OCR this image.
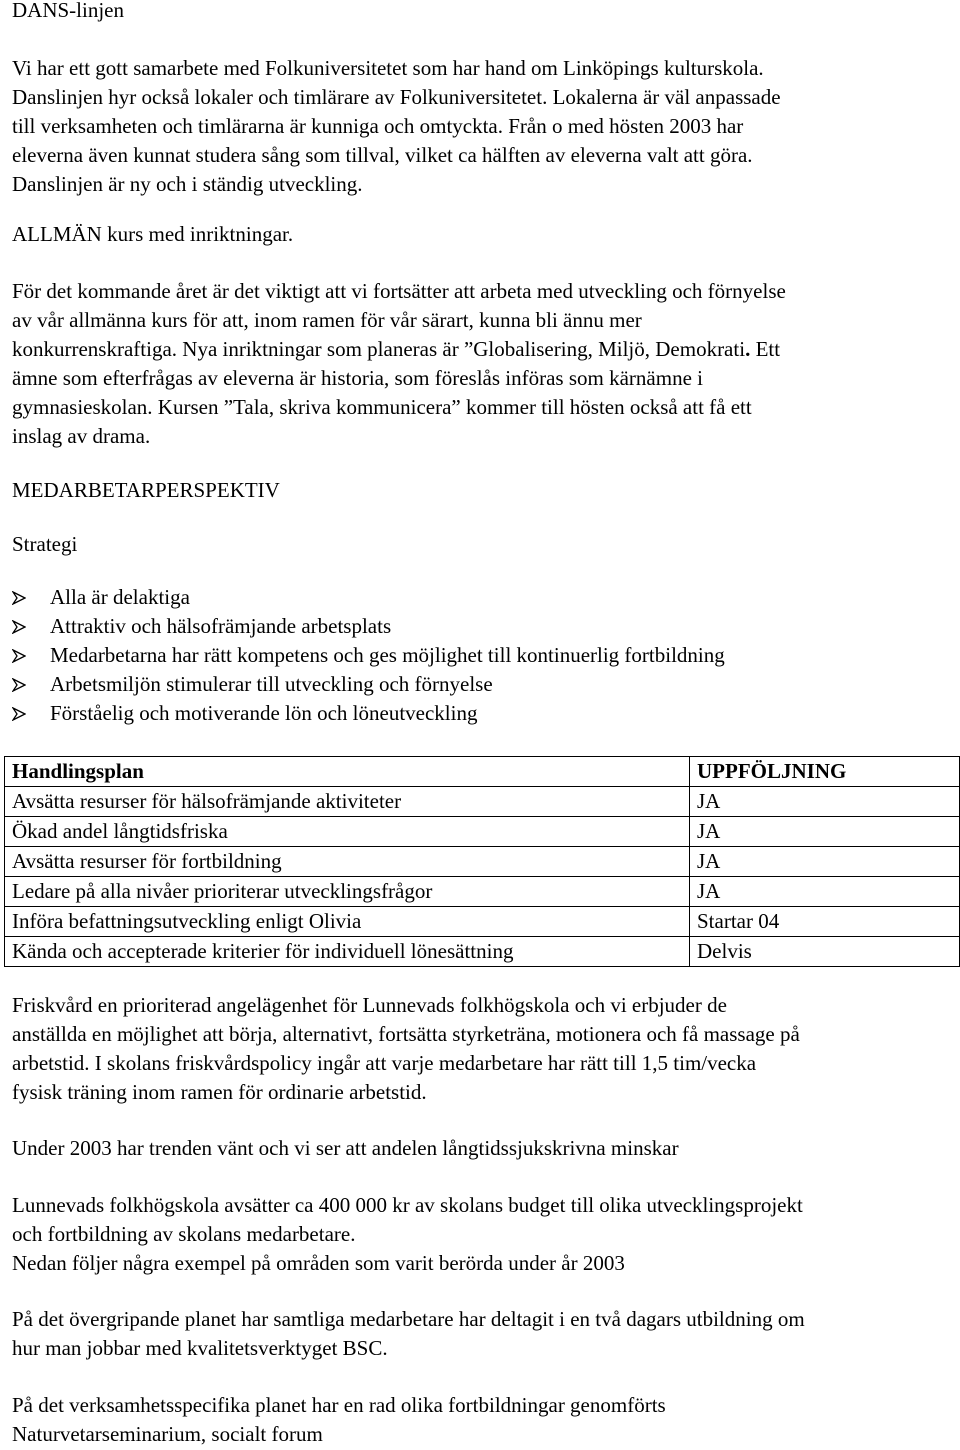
DANS-linjen

Vi har ett gott samarbete med Folkuniversitetet som har hand om Linköpings kulturskola.

Danslinjen hyr också lokaler och timlärare av Folkuniversitetet. Lokalerna är väl anpassade

till verksamheten och timlärarna är kunniga och omtyckta. Från o med hösten 2003 har

eleverna även kunnat studera sång som tillval, vilket ca hälften av eleverna valt att göra.

Danslinjen är ny och i ständig utveckling.

ALLMÄN kurs med inriktningar.

För det kommande året är det viktigt att vi fortsätter att arbeta med utveckling och förnyelse

av vår allmänna kurs för att, inom ramen för vår särart, kunna bli ännu mer

konkurrenskraftiga. Nya inriktningar som planeras är ”Globalisering, Miljö, Demokrati. Ett

ämne som efterfrågas av eleverna är historia, som föreslås införas som kärnämne i

gymnasieskolan. Kursen ”Tala, skriva kommunicera” kommer till hösten också att få ett

inslag av drama.

MEDARBETARPERSPEKTIV

Strategi

Alla är delaktiga
Attraktiv och hälsofrämjande arbetsplats
Medarbetarna har rätt kompetens och ges möjlighet till kontinuerlig fortbildning
Arbetsmiljön stimulerar till utveckling och förnyelse
Förståelig och motiverande lön och löneutveckling
Handlingsplan	UPPFÖLJNING
Avsätta resurser för hälsofrämjande aktiviteter	JA
Ökad andel långtidsfriska	JA
Avsätta resurser för fortbildning	JA
Ledare på alla nivåer prioriterar utvecklingsfrågor	JA
Införa befattningsutveckling enligt Olivia	Startar 04
Kända och accepterade kriterier för individuell lönesättning	Delvis

Friskvård en prioriterad angelägenhet för Lunnevads folkhögskola och vi erbjuder de

anställda en möjlighet att börja, alternativt, fortsätta styrketräna, motionera och få massage på

arbetstid. I skolans friskvårdspolicy ingår att varje medarbetare har rätt till 1,5 tim/vecka

fysisk träning inom ramen för ordinarie arbetstid.

Under 2003 har trenden vänt och vi ser att andelen långtidssjukskrivna minskar

Lunnevads folkhögskola avsätter ca 400 000 kr av skolans budget till olika utvecklingsprojekt

och fortbildning av skolans medarbetare.

Nedan följer några exempel på områden som varit berörda under år 2003

På det övergripande planet har samtliga medarbetare har deltagit i en två dagars utbildning om

hur man jobbar med kvalitetsverktyget BSC.

På det verksamhetsspecifika planet har en rad olika fortbildningar genomförts

Naturvetarseminarium, socialt forum
